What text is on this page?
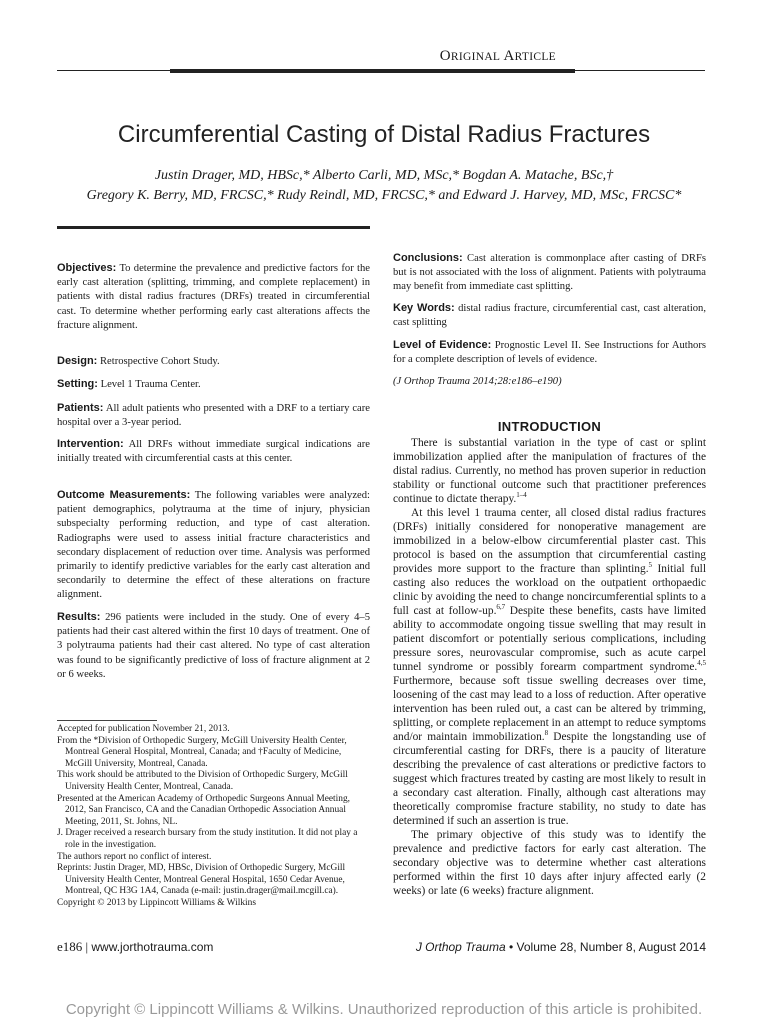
ORIGINAL ARTICLE
Circumferential Casting of Distal Radius Fractures
Justin Drager, MD, HBSc,* Alberto Carli, MD, MSc,* Bogdan A. Matache, BSc,†
Gregory K. Berry, MD, FRCSC,* Rudy Reindl, MD, FRCSC,* and Edward J. Harvey, MD, MSc, FRCSC*

Objectives: To determine the prevalence and predictive factors for the early cast alteration (splitting, trimming, and complete replacement) in patients with distal radius fractures (DRFs) treated in circumferential cast. To determine whether performing early cast alterations affects the fracture alignment.

Design: Retrospective Cohort Study.

Setting: Level 1 Trauma Center.

Patients: All adult patients who presented with a DRF to a tertiary care hospital over a 3-year period.

Intervention: All DRFs without immediate surgical indications are initially treated with circumferential casts at this center.

Outcome Measurements: The following variables were analyzed: patient demographics, polytrauma at the time of injury, physician subspecialty performing reduction, and type of cast alteration. Radiographs were used to assess initial fracture characteristics and secondary displacement of reduction over time. Analysis was performed primarily to identify predictive variables for the early cast alteration and secondarily to determine the effect of these alterations on fracture alignment.

Results: 296 patients were included in the study. One of every 4–5 patients had their cast altered within the first 10 days of treatment. One of 3 polytrauma patients had their cast altered. No type of cast alteration was found to be significantly predictive of loss of fracture alignment at 2 or 6 weeks.

Conclusions: Cast alteration is commonplace after casting of DRFs but is not associated with the loss of alignment. Patients with polytrauma may benefit from immediate cast splitting.

Key Words: distal radius fracture, circumferential cast, cast alteration, cast splitting

Level of Evidence: Prognostic Level II. See Instructions for Authors for a complete description of levels of evidence.

(J Orthop Trauma 2014;28:e186–e190)

Accepted for publication November 21, 2013.

From the *Division of Orthopedic Surgery, McGill University Health Center, Montreal General Hospital, Montreal, Canada; and †Faculty of Medicine, McGill University, Montreal, Canada.

This work should be attributed to the Division of Orthopedic Surgery, McGill University Health Center, Montreal, Canada.

Presented at the American Academy of Orthopedic Surgeons Annual Meeting, 2012, San Francisco, CA and the Canadian Orthopedic Association Annual Meeting, 2011, St. Johns, NL.

J. Drager received a research bursary from the study institution. It did not play a role in the investigation.

The authors report no conflict of interest.

Reprints: Justin Drager, MD, HBSc, Division of Orthopedic Surgery, McGill University Health Center, Montreal General Hospital, 1650 Cedar Avenue, Montreal, QC H3G 1A4, Canada (e-mail: justin.drager@mail.mcgill.ca).

Copyright © 2013 by Lippincott Williams & Wilkins

INTRODUCTION

There is substantial variation in the type of cast or splint immobilization applied after the manipulation of fractures of the distal radius. Currently, no method has proven superior in reduction stability or functional outcome such that practitioner preferences continue to dictate therapy.$^{1-4}$

At this level 1 trauma center, all closed distal radius fractures (DRFs) initially considered for nonoperative management are immobilized in a below-elbow circumferential plaster cast. This protocol is based on the assumption that circumferential casting provides more support to the fracture than splinting.$^5$ Initial full casting also reduces the workload on the outpatient orthopaedic clinic by avoiding the need to change noncircumferential splints to a full cast at follow-up.$^{6,7}$ Despite these benefits, casts have limited ability to accommodate ongoing tissue swelling that may result in patient discomfort or potentially serious complications, including pressure sores, neurovascular compromise, such as acute carpel tunnel syndrome or possibly forearm compartment syndrome.$^{4,5}$ Furthermore, because soft tissue swelling decreases over time, loosening of the cast may lead to a loss of reduction. After operative intervention has been ruled out, a cast can be altered by trimming, splitting, or complete replacement in an attempt to reduce symptoms and/or maintain immobilization.$^8$ Despite the longstanding use of circumferential casting for DRFs, there is a paucity of literature describing the prevalence of cast alterations or predictive factors to suggest which fractures treated by casting are most likely to result in a secondary cast alteration. Finally, although cast alterations may theoretically compromise fracture stability, no study to date has determined if such an assertion is true.

The primary objective of this study was to identify the prevalence and predictive factors for early cast alteration. The secondary objective was to determine whether cast alterations performed within the first 10 days after injury affected early (2 weeks) or late (6 weeks) fracture alignment.

e186 | www.jorthotrauma.com	J Orthop Trauma • Volume 28, Number 8, August 2014
Copyright © Lippincott Williams & Wilkins. Unauthorized reproduction of this article is prohibited.
